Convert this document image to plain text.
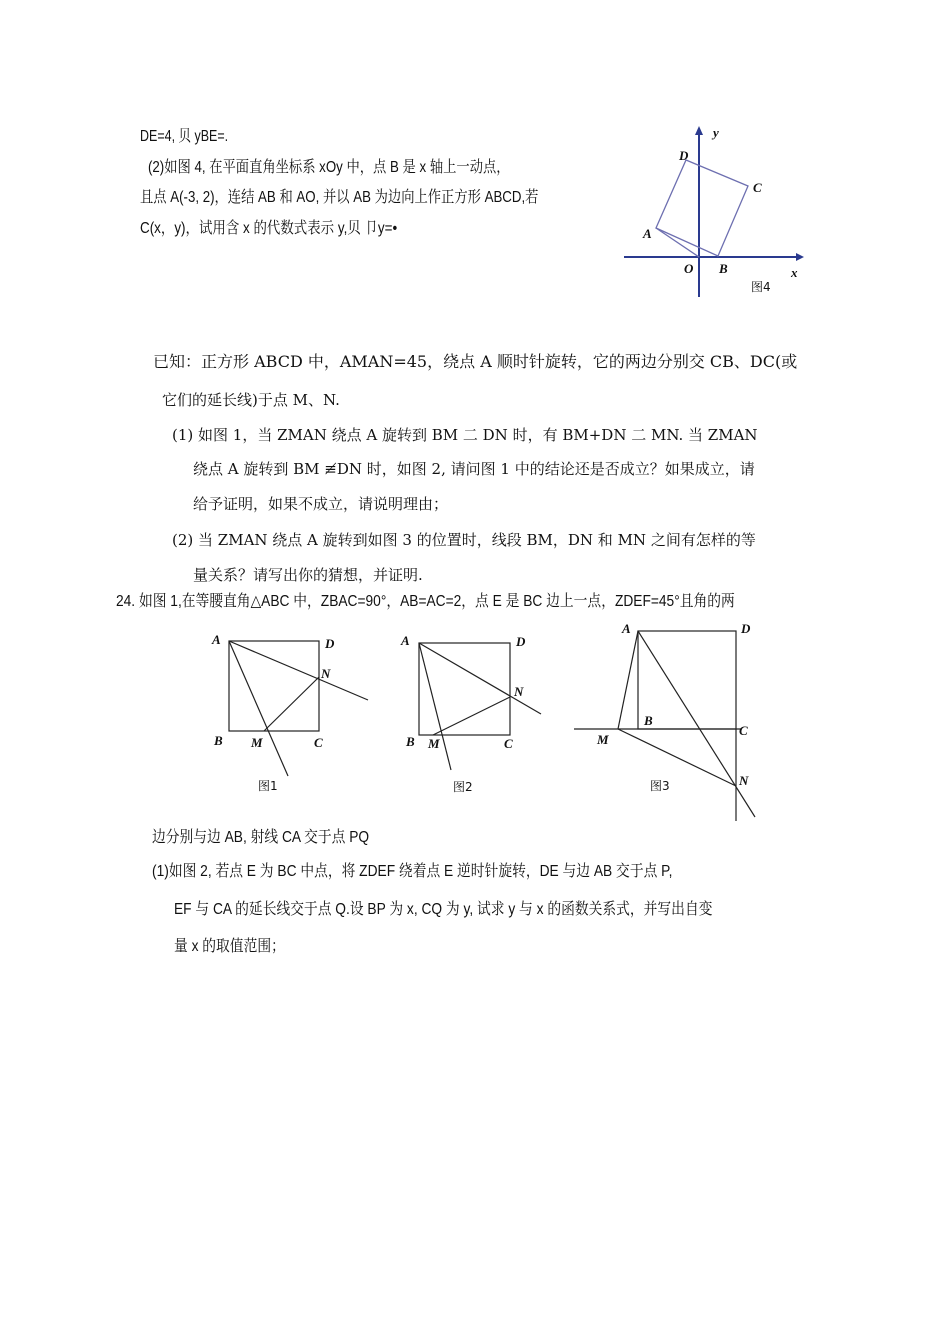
DE=4, 贝 yBE=.
(2)如图 4, 在平面直角坐标系 xOy 中，点 B 是 x 轴上一动点，
且点 A(-3, 2)，连结 AB 和 AO, 并以 AB 为边向上作正方形 ABCD,若
C(x，y)，试用含 x 的代数式表示 y,贝 卩y=•
y
x
D
C
A
O B
图4
已知：正方形 ABCD 中，AMAN=45，绕点 A 顺时针旋转，它的两边分别交 CB、DC(或
它们的延长线)于点 M、N.
(1) 如图 1，当 ZMAN 绕点 A 旋转到 BM 二 DN 时，有 BM+DN 二 MN. 当 ZMAN
绕点 A 旋转到 BM ≢DN 时，如图 2, 请问图 1 中的结论还是否成立？如果成立，请
给予证明，如果不成立，请说明理由；
(2) 当 ZMAN 绕点 A 旋转到如图 3 的位置时，线段 BM，DN 和 MN 之间有怎样的等
量关系？请写出你的猜想，并证明.
24. 如图 1,在等腰直角△ABC 中，ZBAC=90°，AB=AC=2，点 E 是 BC 边上一点，ZDEF=45°且角的两
A	D
N
B M	C
图1
A	D
N
B M	C
图2
A	D
B
C
M
N
图3
边分别与边 AB, 射线 CA 交于点 PQ
(1)如图 2, 若点 E 为 BC 中点，将 ZDEF 绕着点 E 逆时针旋转，DE 与边 AB 交于点 P,
EF 与 CA 的延长线交于点 Q.设 BP 为 x, CQ 为 y, 试求 y 与 x 的函数关系式，并写出自变
量 x 的取值范围；
